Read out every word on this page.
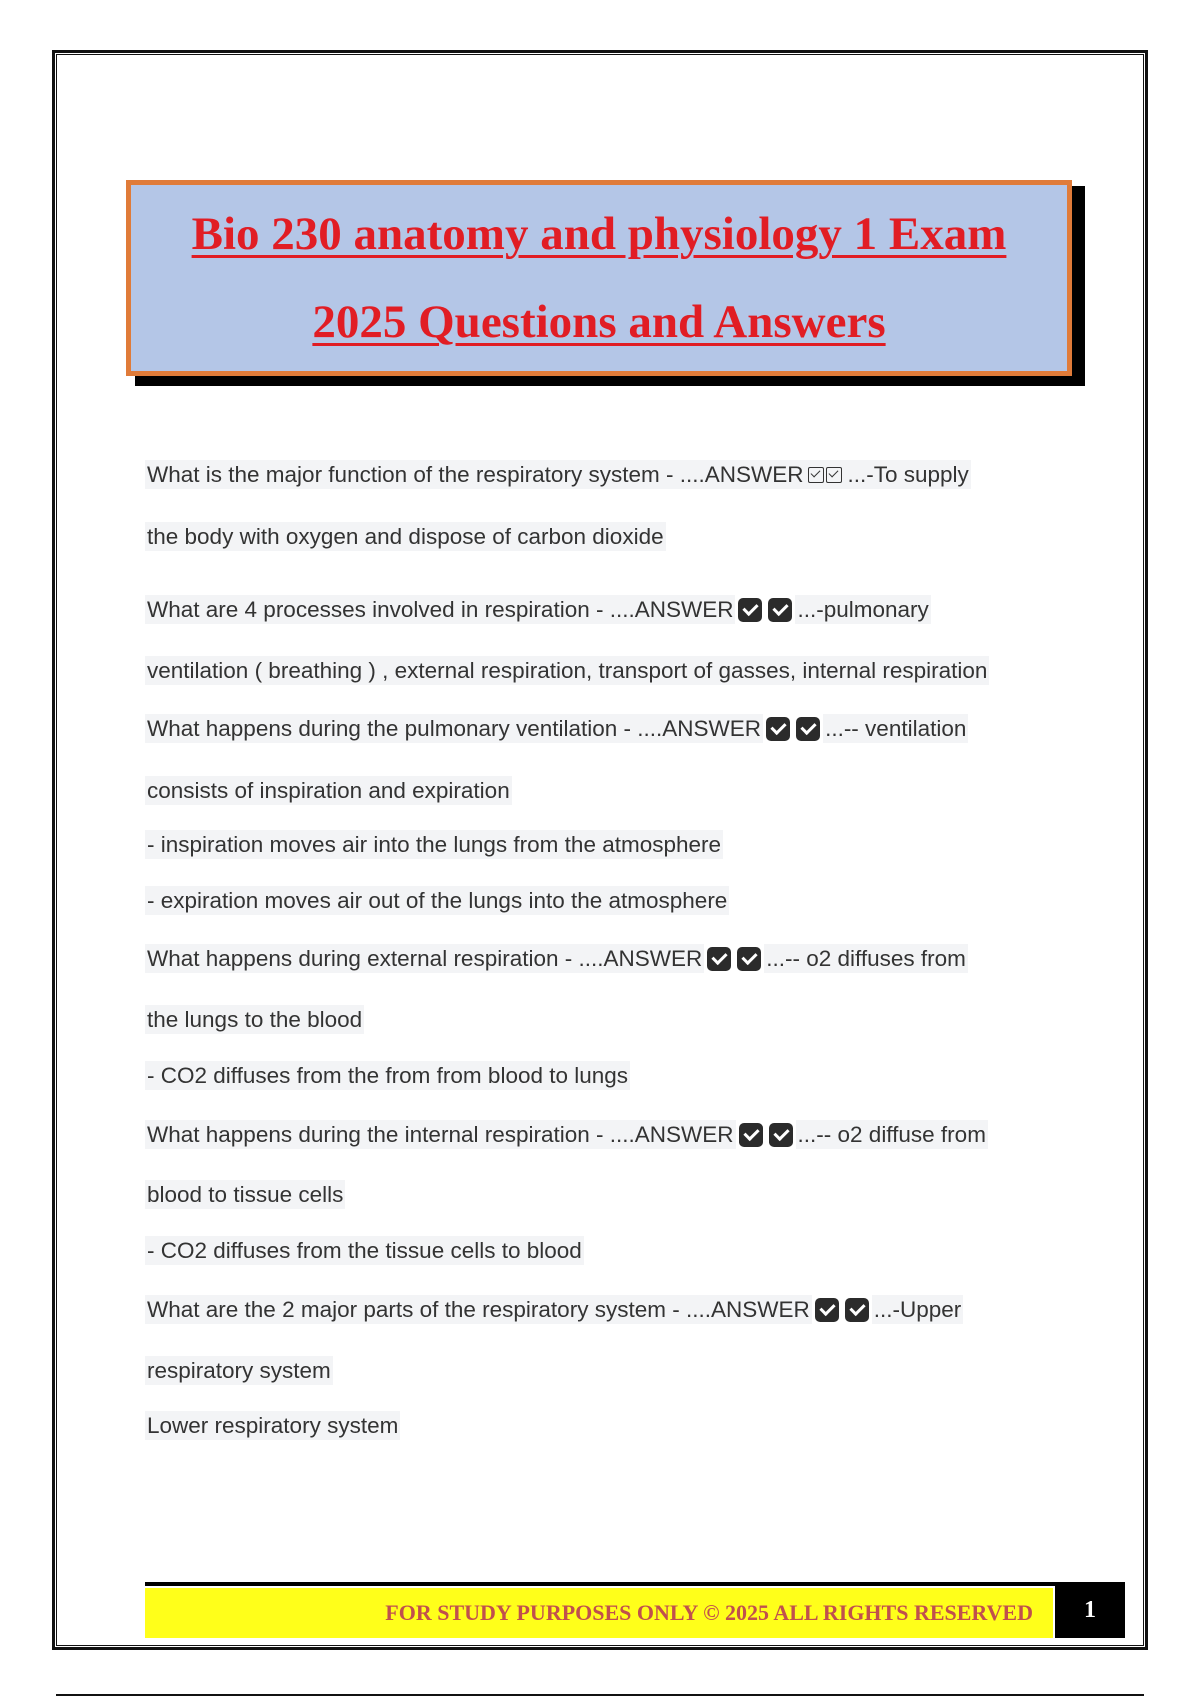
Bio 230 anatomy and physiology 1 Exam
2025 Questions and Answers
What is the major function of the respiratory system - ....ANSWER ...-To supply
the body with oxygen and dispose of carbon dioxide
What are 4 processes involved in respiration - ....ANSWER	...-pulmonary
ventilation ( breathing ) , external respiration, transport of gasses, internal respiration
What happens during the pulmonary ventilation - ....ANSWER	...-- ventilation
consists of inspiration and expiration
- inspiration moves air into the lungs from the atmosphere
- expiration moves air out of the lungs into the atmosphere
What happens during external respiration - ....ANSWER	...-- o2 diffuses from
the lungs to the blood
- CO2 diffuses from the from from blood to lungs
What happens during the internal respiration - ....ANSWER	...-- o2 diffuse from
blood to tissue cells
- CO2 diffuses from the tissue cells to blood
What are the 2 major parts of the respiratory system - ....ANSWER	...-Upper
respiratory system
Lower respiratory system
FOR STUDY PURPOSES ONLY © 2025 ALL RIGHTS RESERVED 1
